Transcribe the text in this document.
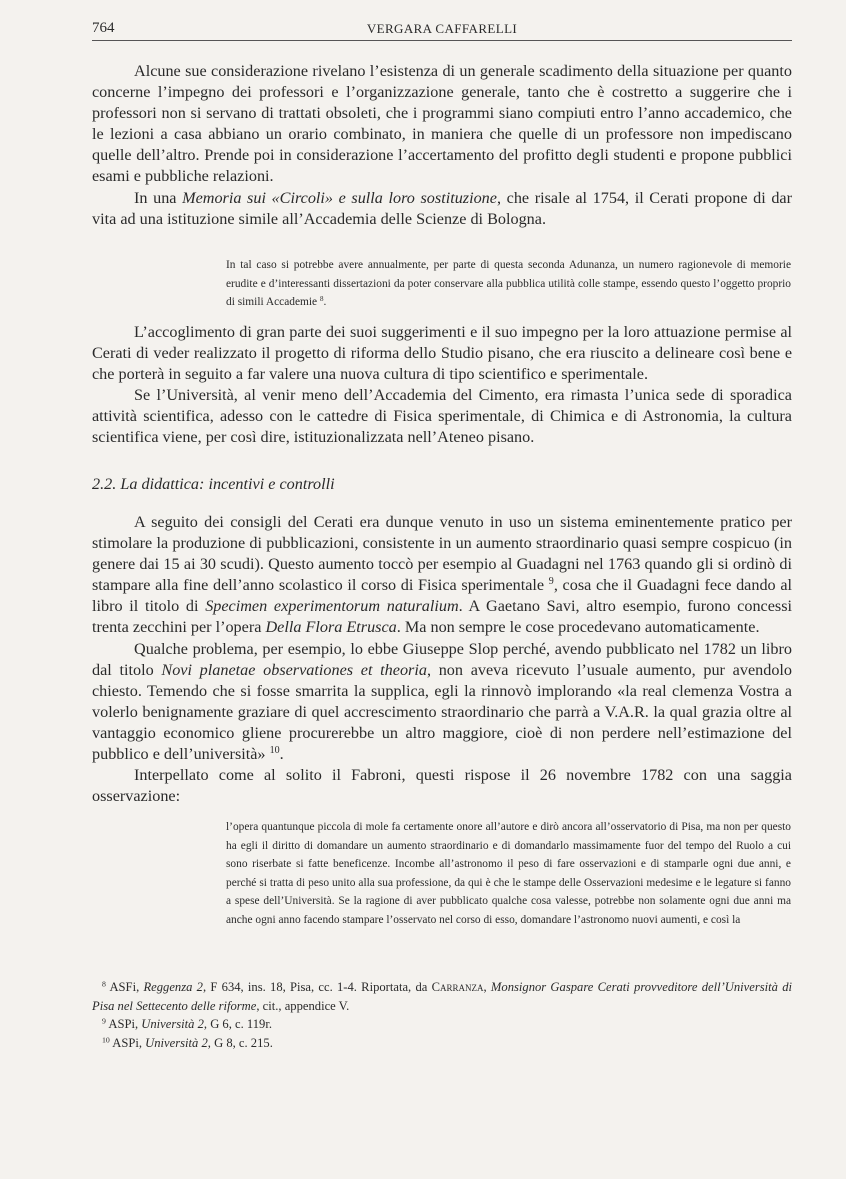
764	VERGARA CAFFARELLI

Alcune sue considerazione rivelano l’esistenza di un generale scadimento della situazione per quanto concerne l’impegno dei professori e l’organizzazione generale, tanto che è costretto a suggerire che i professori non si servano di trattati obsoleti, che i programmi siano compiuti entro l’anno accademico, che le lezioni a casa abbiano un orario combinato, in maniera che quelle di un professore non impediscano quelle dell’altro. Prende poi in considerazione l’accertamento del profitto degli studenti e propone pubblici esami e pubbliche relazioni.

In una Memoria sui «Circoli» e sulla loro sostituzione, che risale al 1754, il Cerati propone di dar vita ad una istituzione simile all’Accademia delle Scienze di Bologna.

In tal caso si potrebbe avere annualmente, per parte di questa seconda Adunanza, un numero ragionevole di memorie erudite e d’interessanti dissertazioni da poter conservare alla pubblica utilità colle stampe, essendo questo l’oggetto proprio di simili Accademie $^8$.

L’accoglimento di gran parte dei suoi suggerimenti e il suo impegno per la loro attuazione permise al Cerati di veder realizzato il progetto di riforma dello Studio pisano, che era riuscito a delineare così bene e che porterà in seguito a far valere una nuova cultura di tipo scientifico e sperimentale.

Se l’Università, al venir meno dell’Accademia del Cimento, era rimasta l’unica sede di sporadica attività scientifica, adesso con le cattedre di Fisica sperimentale, di Chimica e di Astronomia, la cultura scientifica viene, per così dire, istituzionalizzata nell’Ateneo pisano.

2.2. La didattica: incentivi e controlli

A seguito dei consigli del Cerati era dunque venuto in uso un sistema eminentemente pratico per stimolare la produzione di pubblicazioni, consistente in un aumento straordinario quasi sempre cospicuo (in genere dai 15 ai 30 scudi). Questo aumento toccò per esempio al Guadagni nel 1763 quando gli si ordinò di stampare alla fine dell’anno scolastico il corso di Fisica sperimentale $^9$, cosa che il Guadagni fece dando al libro il titolo di Specimen experimentorum naturalium. A Gaetano Savi, altro esempio, furono concessi trenta zecchini per l’opera Della Flora Etrusca. Ma non sempre le cose procedevano automaticamente.

Qualche problema, per esempio, lo ebbe Giuseppe Slop perché, avendo pubblicato nel 1782 un libro dal titolo Novi planetae observationes et theoria, non aveva ricevuto l’usuale aumento, pur avendolo chiesto. Temendo che si fosse smarrita la supplica, egli la rinnovò implorando «la real clemenza Vostra a volerlo benignamente graziare di quel accrescimento straordinario che parrà a V.A.R. la qual grazia oltre al vantaggio economico gliene procurerebbe un altro maggiore, cioè di non perdere nell’estimazione del pubblico e dell’università» $^{10}$.

Interpellato come al solito il Fabroni, questi rispose il 26 novembre 1782 con una saggia osservazione:

l’opera quantunque piccola di mole fa certamente onore all’autore e dirò ancora all’osservatorio di Pisa, ma non per questo ha egli il diritto di domandare un aumento straordinario e di domandarlo massimamente fuor del tempo del Ruolo a cui sono riserbate si fatte beneficenze. Incombe all’astronomo il peso di fare osservazioni e di stamparle ogni due anni, e perché si tratta di peso unito alla sua professione, da qui è che le stampe delle Osservazioni medesime e le legature si fanno a spese dell’Università. Se la ragione di aver pubblicato qualche cosa valesse, potrebbe non solamente ogni due anni ma anche ogni anno facendo stampare l’osservato nel corso di esso, domandare l’astronomo nuovi aumenti, e così la

$^8$ ASFi, Reggenza 2, F 634, ins. 18, Pisa, cc. 1-4. Riportata, da Carranza, Monsignor Gaspare Cerati provveditore dell’Università di Pisa nel Settecento delle riforme, cit., appendice V.

$^9$ ASPi, Università 2, G 6, c. 119r.

$^{10}$ ASPi, Università 2, G 8, c. 215.
